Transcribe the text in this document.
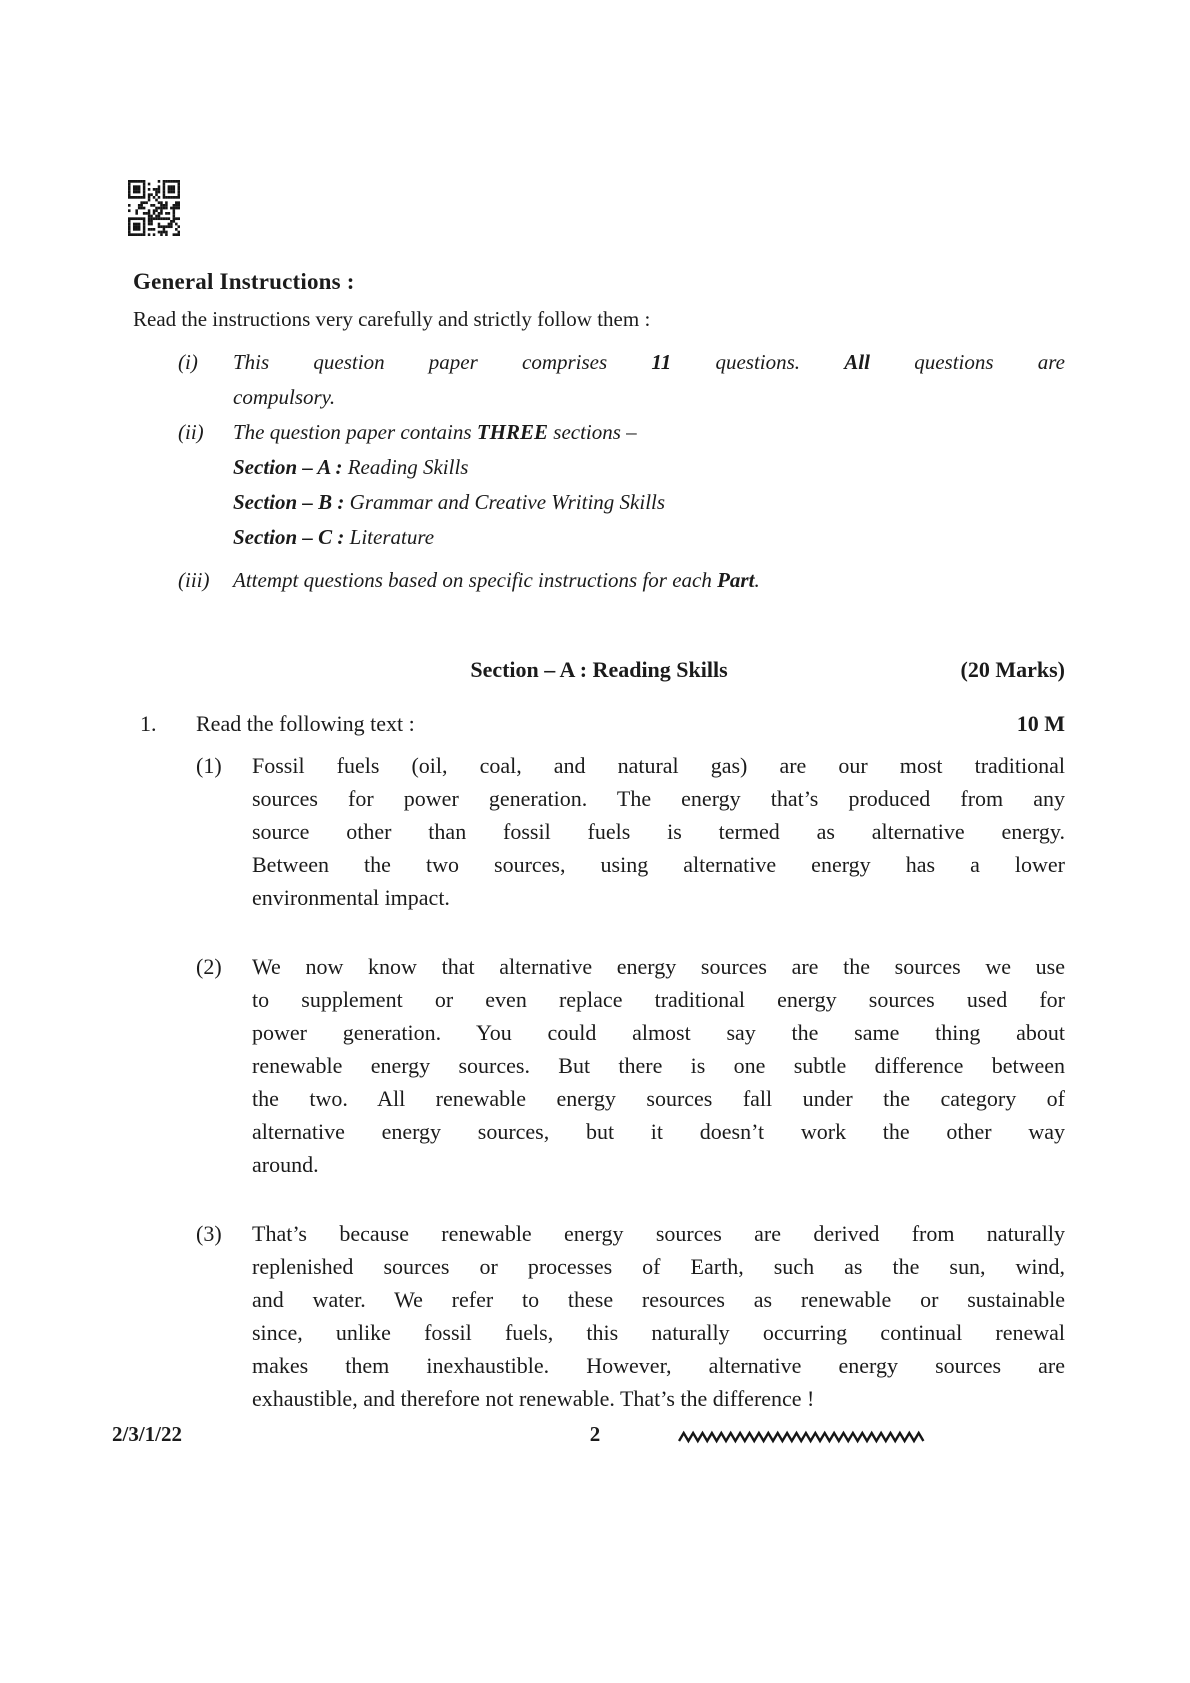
General Instructions :
Read the instructions very carefully and strictly follow them :
(i) This question paper comprises 11 questions. All questions are
compulsory.
(ii) The question paper contains THREE sections –
Section – A : Reading Skills
Section – B : Grammar and Creative Writing Skills
Section – C : Literature
(iii) Attempt questions based on specific instructions for each Part.
Section – A : Reading Skills	(20 Marks)
1. Read the following text :	10 M
(1) Fossil fuels (oil, coal, and natural gas) are our most traditional
sources for power generation. The energy that’s produced from any
source other than fossil fuels is termed as alternative energy.
Between the two sources, using alternative energy has a lower
environmental impact.
(2) We now know that alternative energy sources are the sources we use
to supplement or even replace traditional energy sources used for
power generation. You could almost say the same thing about
renewable energy sources. But there is one subtle difference between
the two. All renewable energy sources fall under the category of
alternative energy sources, but it doesn’t work the other way
around.
(3) That’s because renewable energy sources are derived from naturally
replenished sources or processes of Earth, such as the sun, wind,
and water. We refer to these resources as renewable or sustainable
since, unlike fossil fuels, this naturally occurring continual renewal
makes them inexhaustible. However, alternative energy sources are
exhaustible, and therefore not renewable. That’s the difference !
2/3/1/22	2
